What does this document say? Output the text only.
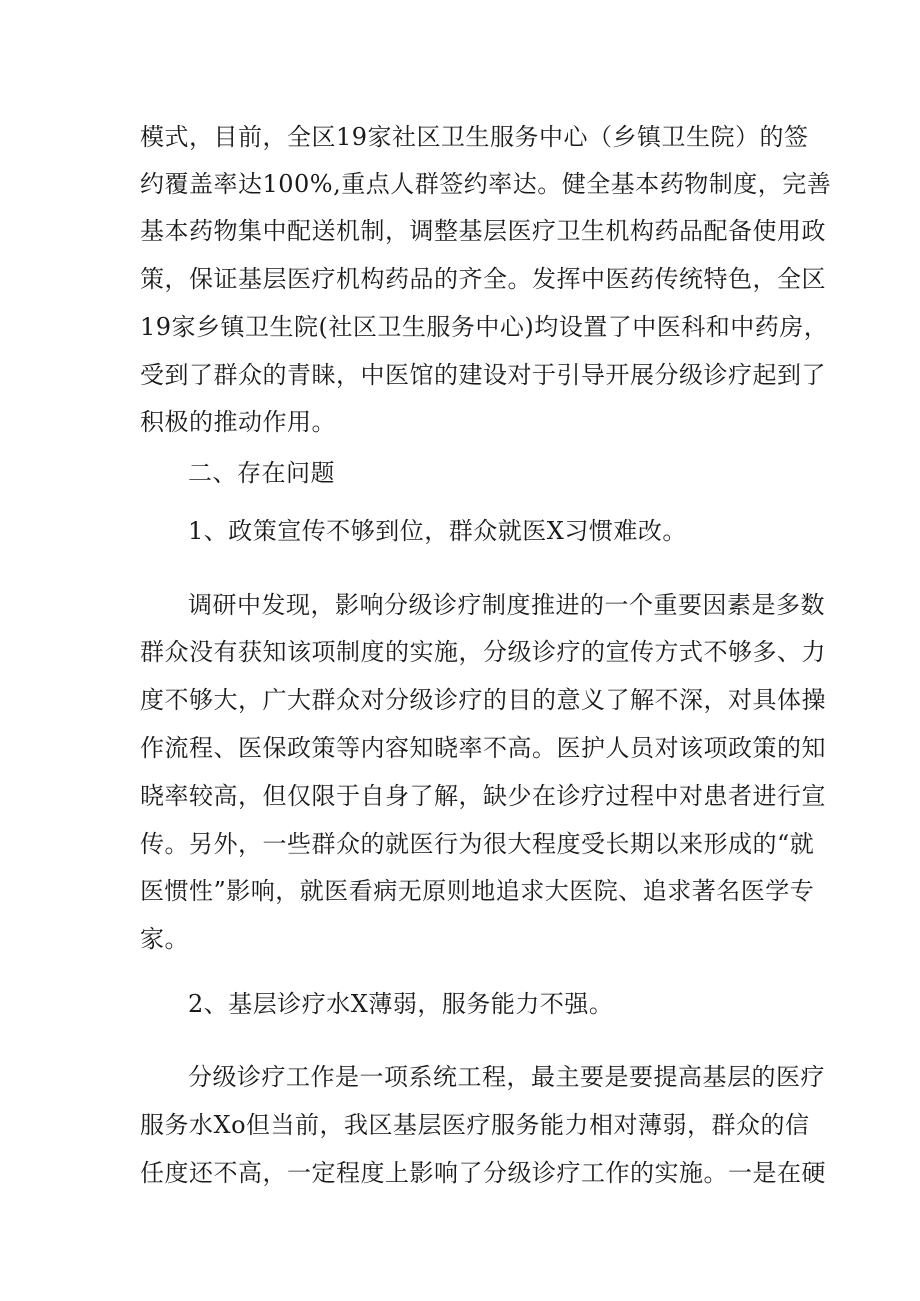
模式，目前，全区19家社区卫生服务中心（乡镇卫生院）的签
约覆盖率达100%,重点人群签约率达。健全基本药物制度，完善
基本药物集中配送机制，调整基层医疗卫生机构药品配备使用政
策，保证基层医疗机构药品的齐全。发挥中医药传统特色，全区
19家乡镇卫生院(社区卫生服务中心)均设置了中医科和中药房，
受到了群众的青睐，中医馆的建设对于引导开展分级诊疗起到了
积极的推动作用。
二、存在问题
1、政策宣传不够到位，群众就医X习惯难改。
调研中发现，影响分级诊疗制度推进的一个重要因素是多数
群众没有获知该项制度的实施，分级诊疗的宣传方式不够多、力
度不够大，广大群众对分级诊疗的目的意义了解不深，对具体操
作流程、医保政策等内容知晓率不高。医护人员对该项政策的知
晓率较高，但仅限于自身了解，缺少在诊疗过程中对患者进行宣
传。另外，一些群众的就医行为很大程度受长期以来形成的“就
医惯性”影响，就医看病无原则地追求大医院、追求著名医学专
家。
2、基层诊疗水X薄弱，服务能力不强。
分级诊疗工作是一项系统工程，最主要是要提高基层的医疗
服务水Xo但当前，我区基层医疗服务能力相对薄弱，群众的信
任度还不高，一定程度上影响了分级诊疗工作的实施。一是在硬
